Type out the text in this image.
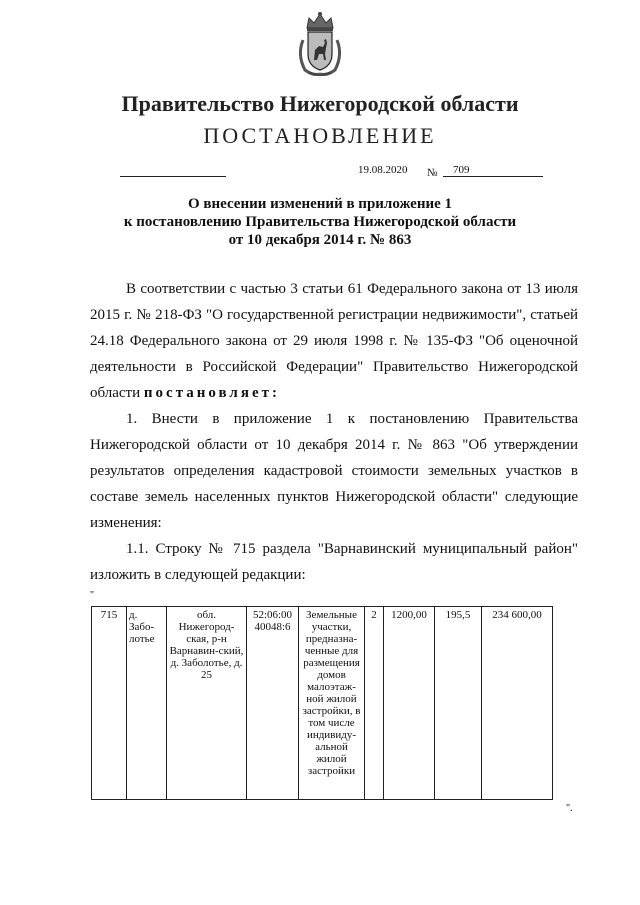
Правительство Нижегородской области
ПОСТАНОВЛЕНИЕ
19.08.2020 № 709
О внесении изменений в приложение 1
к постановлению Правительства Нижегородской области
от 10 декабря 2014 г. № 863
В соответствии с частью 3 статьи 61 Федерального закона от 13 июля 2015 г. № 218-ФЗ "О государственной регистрации недвижимости", статьей 24.18 Федерального закона от 29 июля 1998 г. № 135-ФЗ "Об оценочной деятельности в Российской Федерации" Правительство Нижегородской области постановляет:
1. Внести в приложение 1 к постановлению Правительства Нижегородской области от 10 декабря 2014 г. № 863 "Об утверждении результатов определения кадастровой стоимости земельных участков в составе земель населенных пунктов Нижегородской области" следующие изменения:
1.1. Строку № 715 раздела "Варнавинский муниципальный район" изложить в следующей редакции:
"
715	д. Забо-лотье	обл. Нижегород-ская, р-н Варнавин-ский, д. Заболотье, д. 25	52:06:00 40048:6	Земельные участки, предназна-ченные для размещения домов малоэтаж-ной жилой застройки, в том числе индивиду-альной жилой застройки	2	1200,00	195,5	234 600,00
".
